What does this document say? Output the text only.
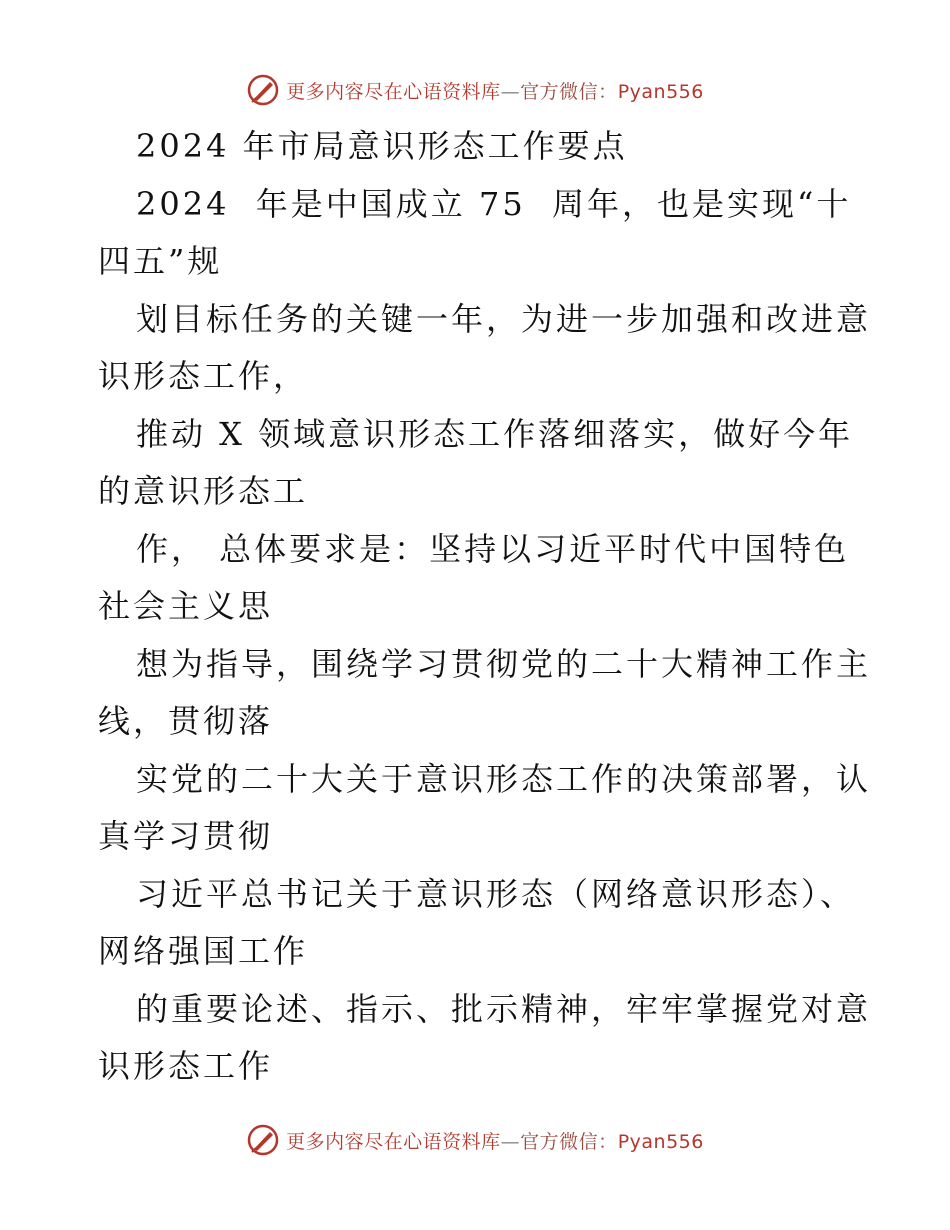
更多内容尽在心语资料库—官方微信：Pyan556
2024 年市局意识形态工作要点
2024  年是中国成立 75  周年，也是实现“十
四五”规
划目标任务的关键一年，为进一步加强和改进意
识形态工作，
推动 X 领域意识形态工作落细落实，做好今年
的意识形态工
作， 总体要求是：坚持以习近平时代中国特色
社会主义思
想为指导，围绕学习贯彻党的二十大精神工作主
线，贯彻落
实党的二十大关于意识形态工作的决策部署，认
真学习贯彻
习近平总书记关于意识形态（网络意识形态）、
网络强国工作
的重要论述、指示、批示精神，牢牢掌握党对意
识形态工作
更多内容尽在心语资料库—官方微信：Pyan556
